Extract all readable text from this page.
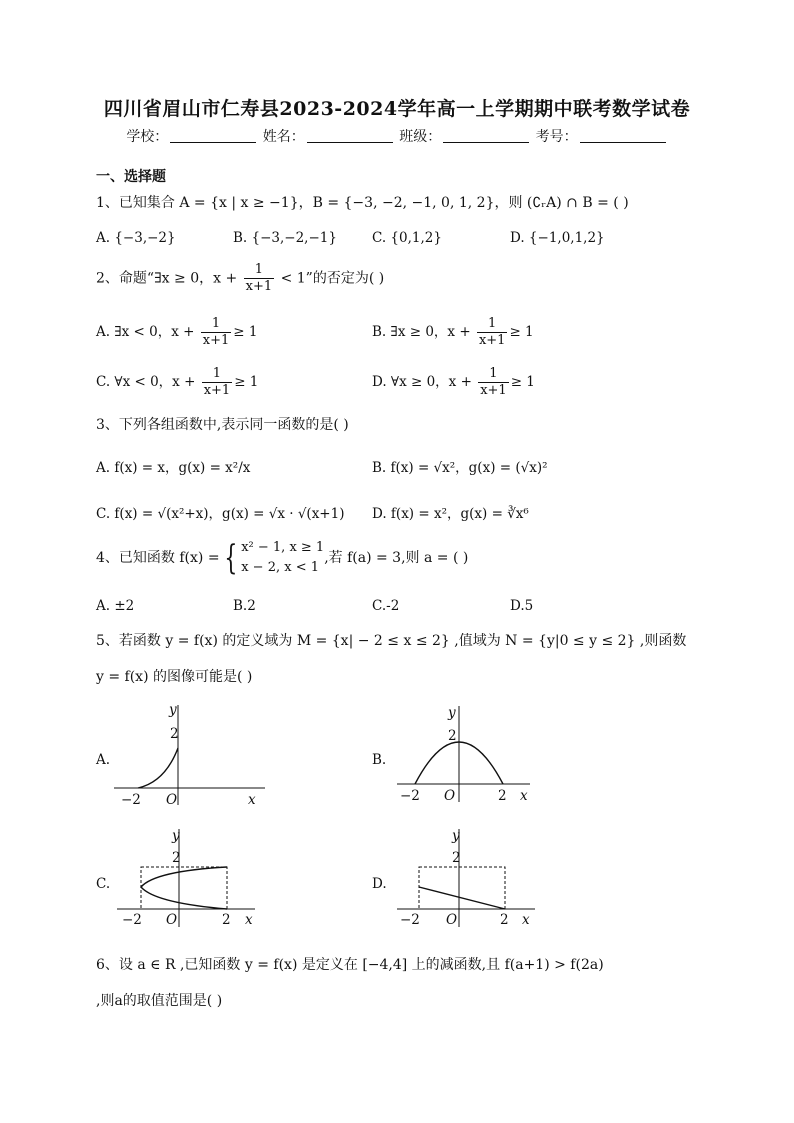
四川省眉山市仁寿县2023-2024学年高一上学期期中联考数学试卷
学校：	姓名：	班级：	考号：
一、选择题
1、已知集合 A = {x | x ≥ −1}，B = {−3, −2, −1, 0, 1, 2}，则 (∁ᵣA) ∩ B = ( )
A. {−3,−2}	B. {−3,−2,−1}	C. {0,1,2}	D. {−1,0,1,2}
2、命题“∃x ≥ 0，$x + \frac{1}{x+1} < 1$”的否定为( )
A. ∃x < 0，$x + \frac{1}{x+1} \ge 1$	B. ∃x ≥ 0，$x + \frac{1}{x+1} \ge 1$
C. ∀x < 0，$x + \frac{1}{x+1} \ge 1$	D. ∀x ≥ 0，$x + \frac{1}{x+1} \ge 1$
3、下列各组函数中,表示同一函数的是( )
A. f(x) = x，g(x) = x²/x	B. f(x) = √x²，g(x) = (√x)²
C. f(x) = √(x²+x)，g(x) = √x · √(x+1) D. f(x) = x²，g(x) = ∛x⁶
4、已知函数 f(x) = { x² − 1, x ≥ 1
x − 2, x < 1
,若 f(a) = 3,则 a = ( )
A. ±2	B.2	C.-2	D.5
5、若函数 y = f(x) 的定义域为 M = {x| − 2 ≤ x ≤ 2} ,值域为 N = {y|0 ≤ y ≤ 2} ,则函数
y = f(x) 的图像可能是( )
A.
y
2
−2 O	x
B.
y
2
−2 O	2 x
C.
y
2
−2 O	2 x
D.
y
2
−2 O	2 x
6、设 a ∈ R ,已知函数 y = f(x) 是定义在 [−4,4] 上的减函数,且 f(a+1) > f(2a)
,则a的取值范围是( )
